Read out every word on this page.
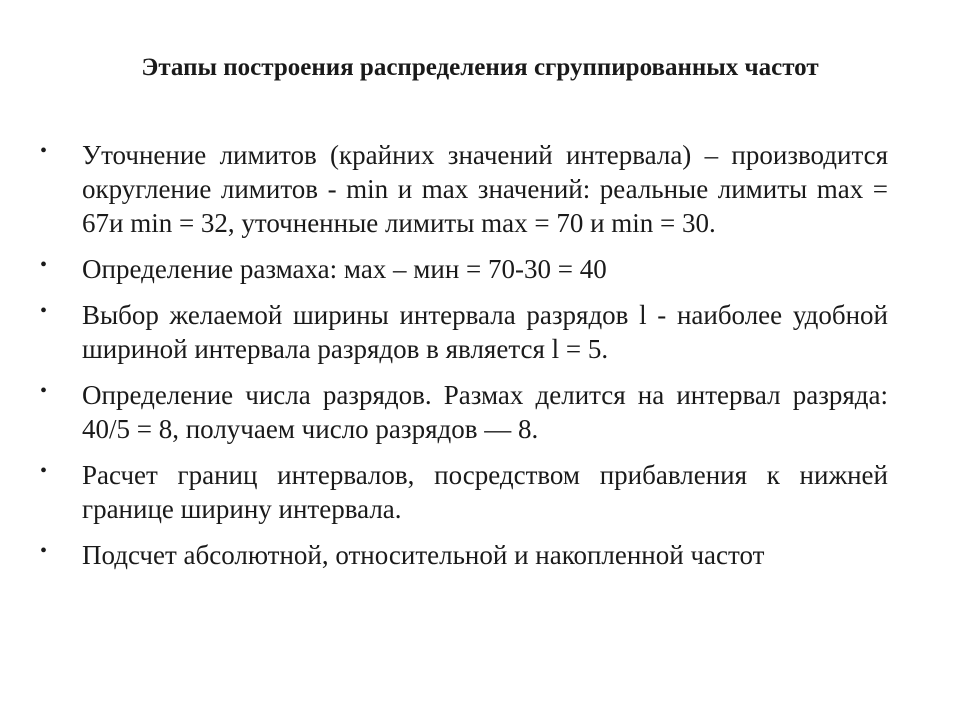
Этапы построения распределения сгруппированных частот
• Уточнение лимитов (крайних значений интервала) – производится округление лимитов - min и max значений: реальные лимиты max = 67и min = 32, уточненные лимиты max = 70 и min = 30.
• Определение размаха: мах – мин = 70-30 = 40
• Выбор желаемой ширины интервала разрядов l - наиболее удобной шириной интервала разрядов в является l = 5.
• Определение числа разрядов. Размах делится на интервал разряда: 40/5 = 8, получаем число разрядов — 8.
• Расчет границ интервалов, посредством прибавления к нижней границе ширину интервала.
• Подсчет абсолютной, относительной и накопленной частот
